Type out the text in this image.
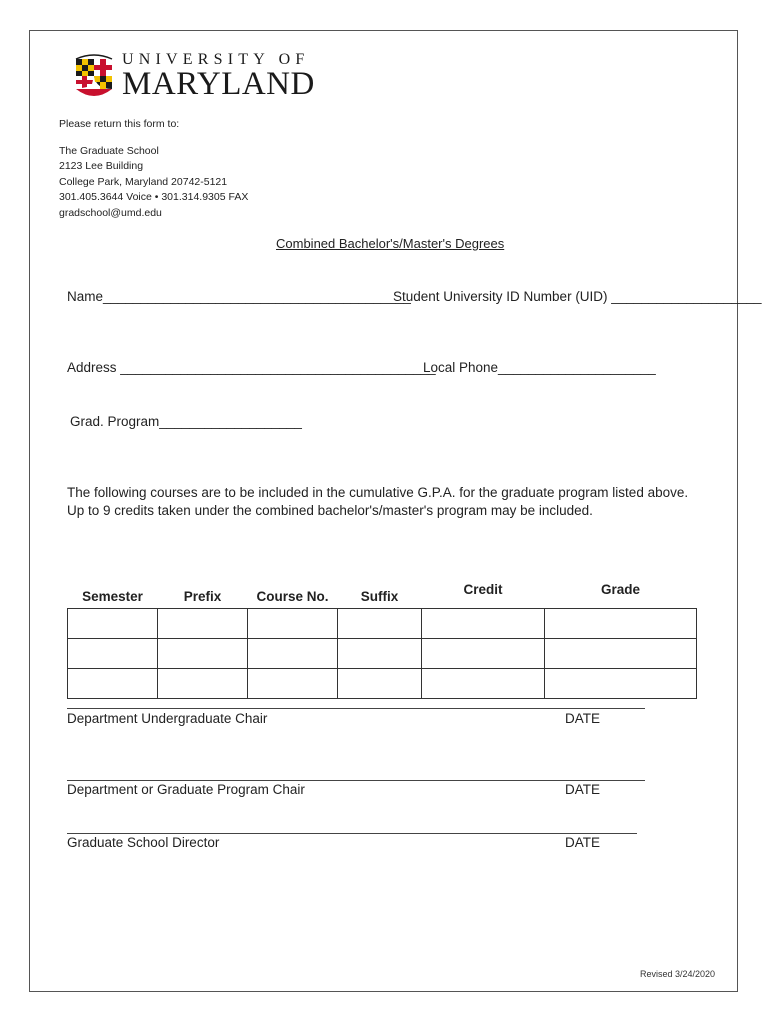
UNIVERSITY OF
MARYLAND
Please return this form to:
The Graduate School
2123 Lee Building
College Park, Maryland 20742-5121
301.405.3644 Voice • 301.314.9305 FAX
gradschool@umd.edu
Combined Bachelor's/Master's Degrees
Name_________________________________________
Student University ID Number (UID) ____________________
Address __________________________________________
Local Phone_____________________
Grad. Program___________________
The following courses are to be included in the cumulative G.P.A. for the graduate program listed above. Up to 9 credits taken under the combined bachelor's/master's program may be included.
Semester	Prefix	Course No.	Suffix	Credit	Grade

Department Undergraduate Chair	DATE
Department or Graduate Program Chair	DATE
Graduate School Director	DATE
Revised 3/24/2020
